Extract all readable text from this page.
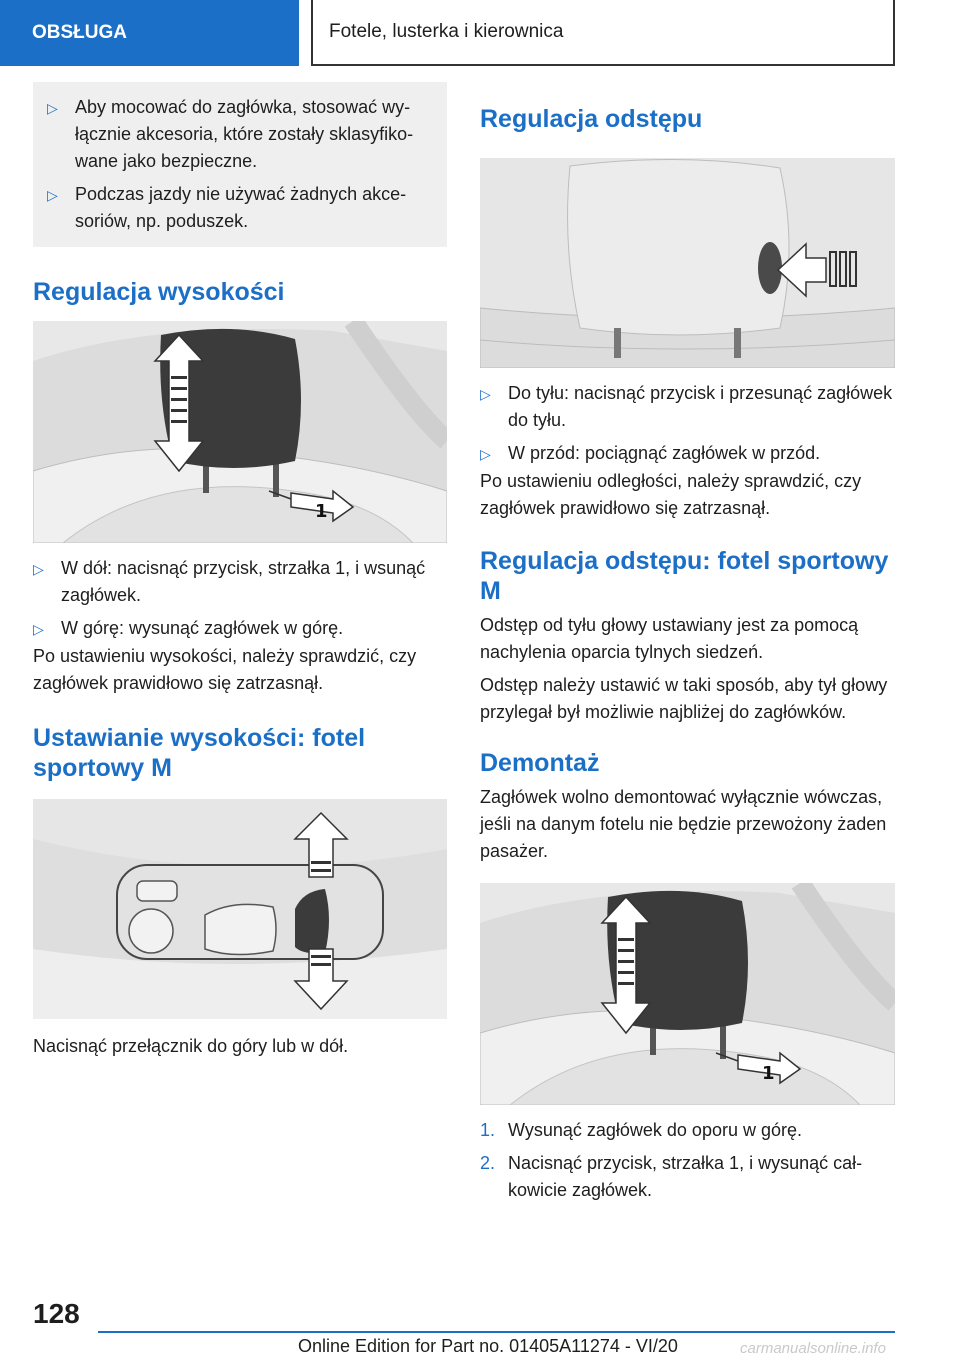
OBSŁUGA	Fotele, lusterka i kierownica
▷ Aby mocować do zagłówka, stosować wyłącznie akcesoria, które zostały sklasyfikowane jako bezpieczne.
▷ Podczas jazdy nie używać żadnych akcesoriów, np. poduszek.
Regulacja wysokości
1
▷ W dół: nacisnąć przycisk, strzałka 1, i wsunąć zagłówek.
▷ W górę: wysunąć zagłówek w górę.

Po ustawieniu wysokości, należy sprawdzić, czy zagłówek prawidłowo się zatrzasnął.

Ustawianie wysokości: fotel sportowy M

Nacisnąć przełącznik do góry lub w dół.

Regulacja odstępu
▷ Do tyłu: nacisnąć przycisk i przesunąć zagłówek do tyłu.
▷ W przód: pociągnąć zagłówek w przód.

Po ustawieniu odległości, należy sprawdzić, czy zagłówek prawidłowo się zatrzasnął.

Regulacja odstępu: fotel sportowy M

Odstęp od tyłu głowy ustawiany jest za pomocą nachylenia oparcia tylnych siedzeń.

Odstęp należy ustawić w taki sposób, aby tył głowy przylegał był możliwie najbliżej do zagłówków.

Demontaż

Zagłówek wolno demontować wyłącznie wówczas, jeśli na danym fotelu nie będzie przewożony żaden pasażer.

1
1. Wysunąć zagłówek do oporu w górę.
2. Nacisnąć przycisk, strzałka 1, i wysunąć całkowicie zagłówek.
128
Online Edition for Part no. 01405A11274 - VI/20	carmanualsonline.info
